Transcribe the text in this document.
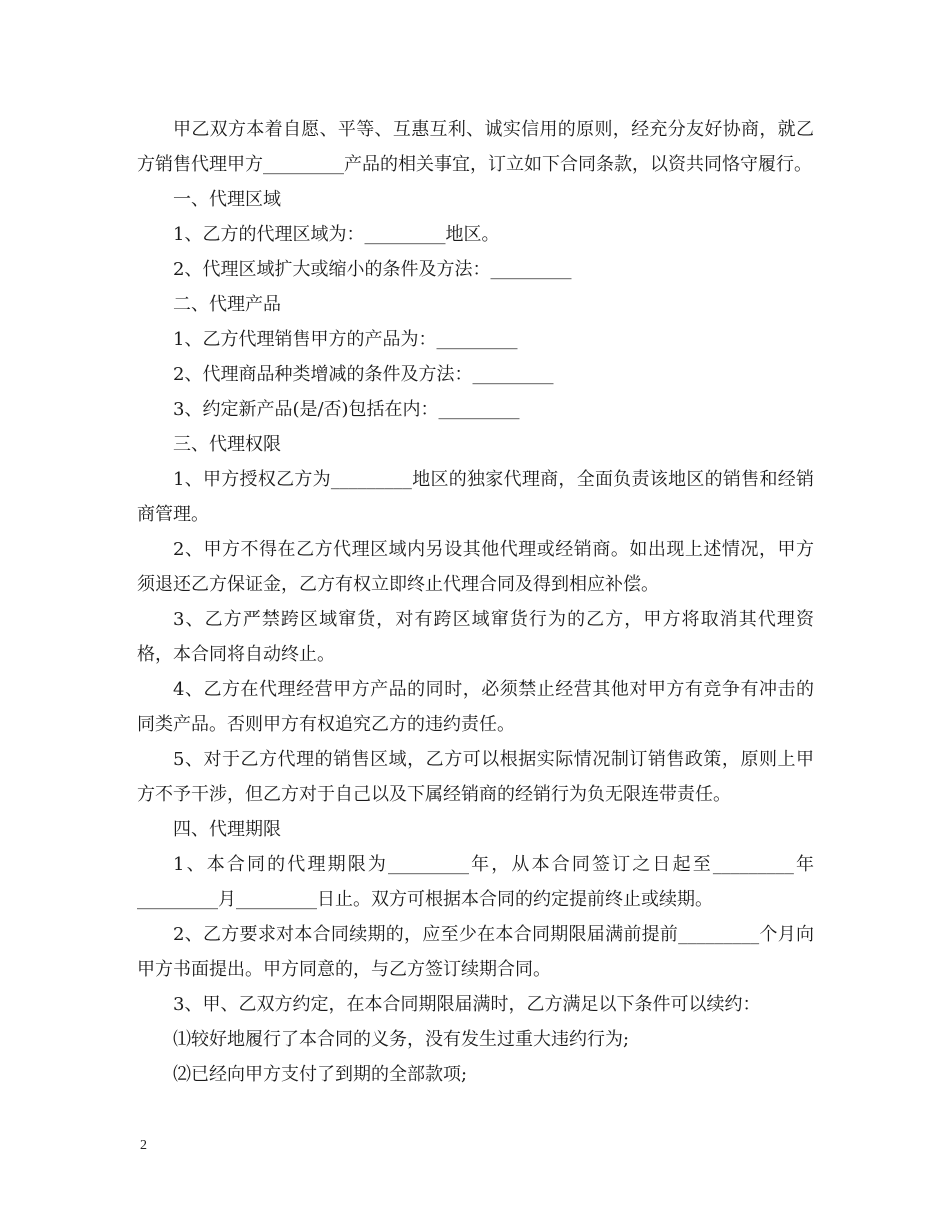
甲乙双方本着自愿、平等、互惠互利、诚实信用的原则，经充分友好协商，就乙方销售代理甲方_________产品的相关事宜，订立如下合同条款，以资共同恪守履行。

一、代理区域

1、乙方的代理区域为：_________地区。

2、代理区域扩大或缩小的条件及方法：_________

二、代理产品

1、乙方代理销售甲方的产品为：_________

2、代理商品种类增减的条件及方法：_________

3、约定新产品(是/否)包括在内：_________

三、代理权限

1、甲方授权乙方为_________地区的独家代理商，全面负责该地区的销售和经销商管理。

2、甲方不得在乙方代理区域内另设其他代理或经销商。如出现上述情况，甲方须退还乙方保证金，乙方有权立即终止代理合同及得到相应补偿。

3、乙方严禁跨区域窜货，对有跨区域窜货行为的乙方，甲方将取消其代理资格，本合同将自动终止。

4、乙方在代理经营甲方产品的同时，必须禁止经营其他对甲方有竞争有冲击的同类产品。否则甲方有权追究乙方的违约责任。

5、对于乙方代理的销售区域，乙方可以根据实际情况制订销售政策，原则上甲方不予干涉，但乙方对于自己以及下属经销商的经销行为负无限连带责任。

四、代理期限

1、本合同的代理期限为_________年，从本合同签订之日起至_________年_________月_________日止。双方可根据本合同的约定提前终止或续期。

2、乙方要求对本合同续期的，应至少在本合同期限届满前提前_________个月向甲方书面提出。甲方同意的，与乙方签订续期合同。

3、甲、乙双方约定，在本合同期限届满时，乙方满足以下条件可以续约：

⑴较好地履行了本合同的义务，没有发生过重大违约行为;

⑵已经向甲方支付了到期的全部款项;

2
